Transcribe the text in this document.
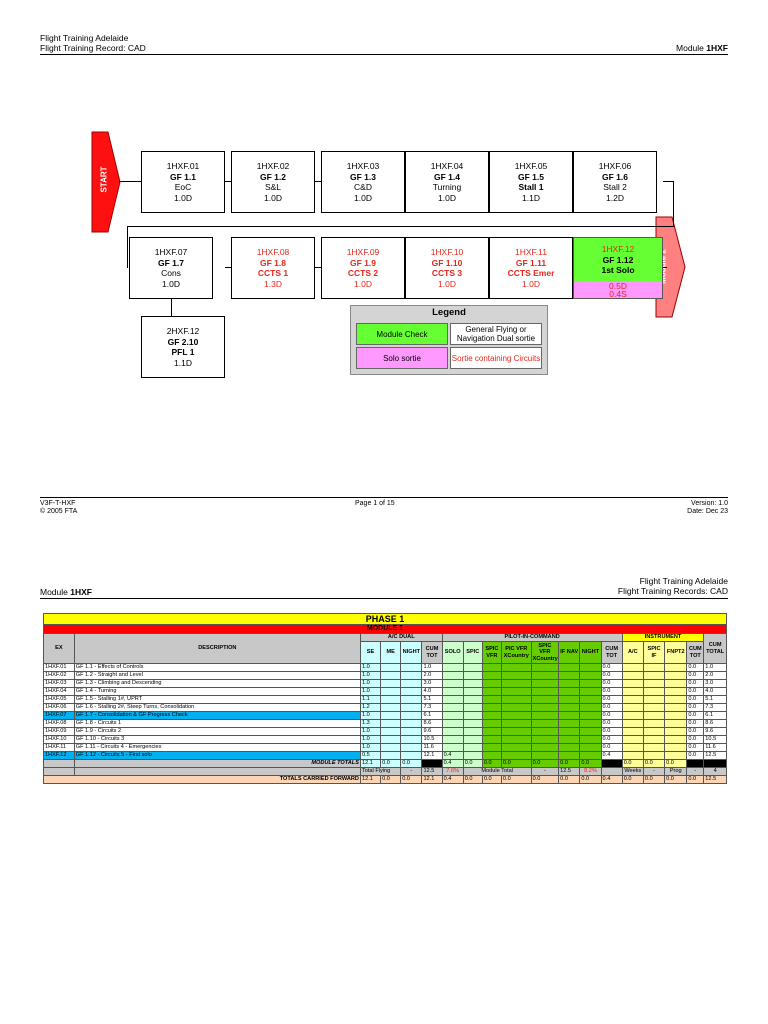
Flight Training Adelaide
Flight Training Record: CAD	Module 1HXF
START
Module 2
1HXF.01
GF 1.1
EoC
1.0D
1HXF.02
GF 1.2
S&L
1.0D
1HXF.03
GF 1.3
C&D
1.0D
1HXF.04
GF 1.4
Turning
1.0D
1HXF.05
GF 1.5
Stall 1
1.1D
1HXF.06
GF 1.6
Stall 2
1.2D
1HXF.07
GF 1.7
Cons
1.0D
1HXF.08
GF 1.8
CCTS 1
1.3D
1HXF.09
GF 1.9
CCTS 2
1.0D
1HXF.10
GF 1.10
CCTS 3
1.0D
1HXF.11
GF 1.11
CCTS Emer
1.0D
1HXF.12
GF 1.12
1st Solo
0.5D
0.4S
2HXF.12
GF 2.10
PFL 1
1.1D
Legend
Module Check	General Flying or Navigation Dual sortie
Solo sortie	Sortie containing Circuits
V3F-T-HXF
© 2005 FTA
Page 1 of 15	Version: 1.0
Date: Dec 23
Module 1HXF
Flight Training Adelaide
Flight Training Records: CAD
PHASE 1																		
MODULE 1																		
EX	DESCRIPTION	A/C DUAL				PILOT-IN-COMMAND								INSTRUMENT				CUM TOTAL
		SE	ME	NIGHT	CUM TOT	SOLO	SPIC	SPIC VFR	PIC VFR XCountry	SPIC VFR XCountry	IF NAV	NIGHT	CUM TOT	A/C	SPIC IF	FNPT2	CUM TOT	
1HXF.01	GF 1.1 - Effects of Controls	1.0			1.0								0.0				0.0	1.0
1HXF.02	GF 1.2 - Straight and Level	1.0			2.0								0.0				0.0	2.0
1HXF.03	GF 1.3 - Climbing and Descending	1.0			3.0								0.0				0.0	3.0
1HXF.04	GF 1.4 - Turning	1.0			4.0								0.0				0.0	4.0
1HXF.05	GF 1.5 - Stalling 1#, UPRT	1.1			5.1								0.0				0.0	5.1
1HXF.06	GF 1.6 - Stalling 2#, Steep Turns, Consolidation	1.2			7.3								0.0				0.0	7.3
1HXF.07	GF 1.7 - Consolidation & GF Progress Check	1.0			6.1								0.0				0.0	6.1
1HXF.08	GF 1.8 - Circuits 1	1.3			8.6								0.0				0.0	8.6
1HXF.09	GF 1.9 - Circuits 2	1.0			9.6								0.0				0.0	9.6
1HXF.10	GF 1.10 - Circuits 3	1.0			10.5								0.0				0.0	10.5
1HXF.11	GF 1.11 - Circuits 4 - Emergencies	1.0			11.6								0.0				0.0	11.6
1HXF.12	GF 1.12 - Circuits 5 - First solo	0.5			12.1	0.4							0.4				0.0	12.5
	MODULE TOTALS	12.1	0.0	0.0		0.4	0.0	0.0	0.0	0.0	0.0	0.0		0.0	0.0	0.0		
		Total Flying		-	12.5	7.6%	Module Total			-	12.5	8.2%		Weeks	-	Prog	-	4
TOTALS CARRIED FORWARD		12.1	0.0	0.0	12.1	0.4	0.0	0.0	0.0	0.0	0.0	0.0	0.4	0.0	0.0	0.0	0.0	12.5
